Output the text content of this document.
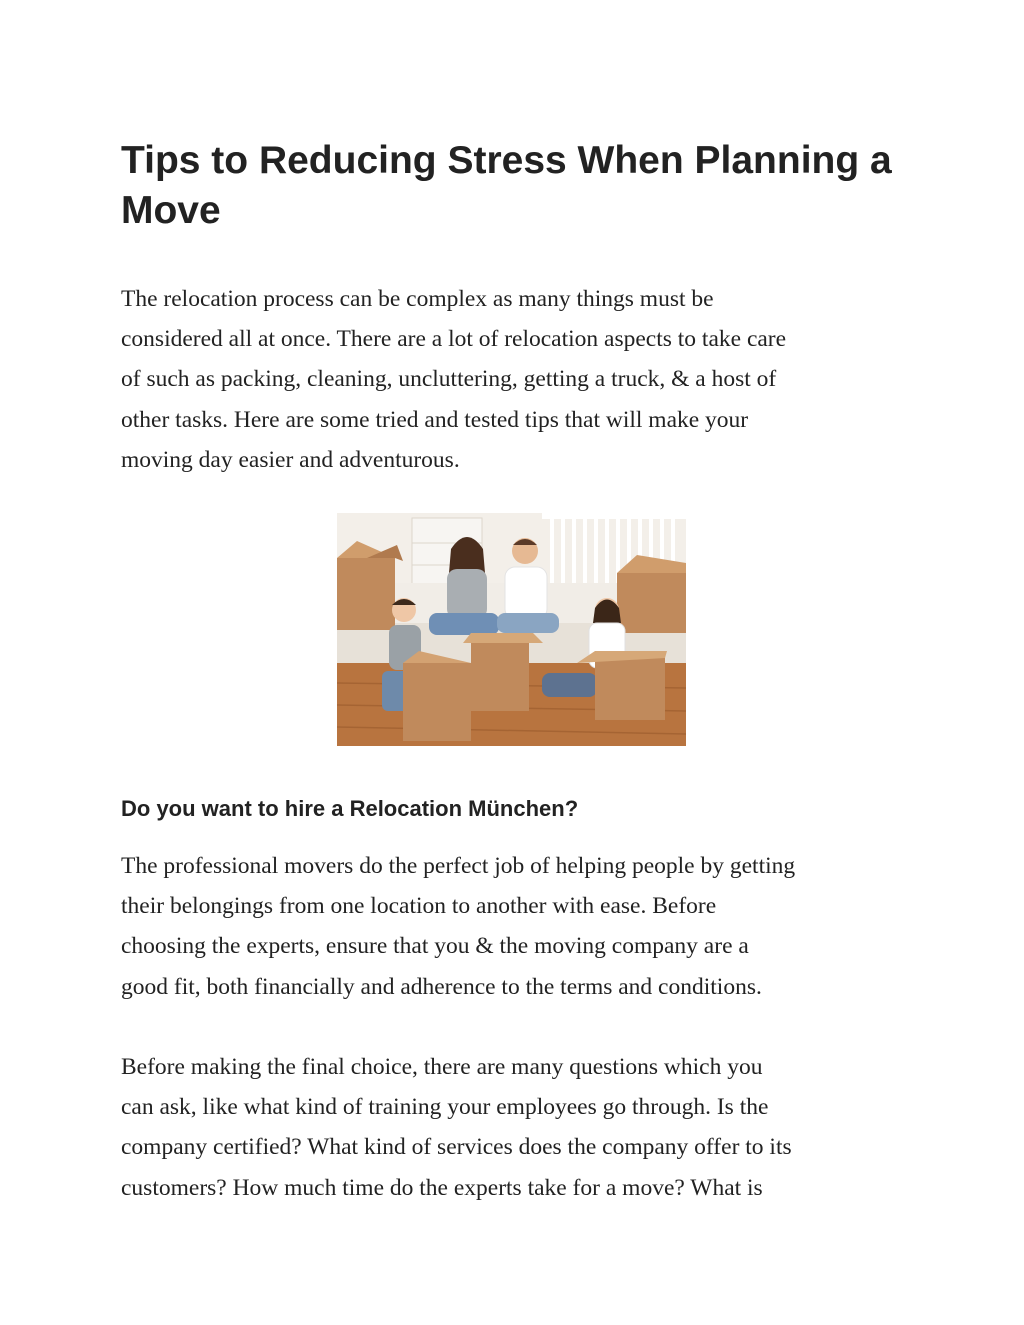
Tips to Reducing Stress When Planning a
Move

The relocation process can be complex as many things must be
considered all at once. There are a lot of relocation aspects to take care
of such as packing, cleaning, uncluttering, getting a truck, & a host of
other tasks. Here are some tried and tested tips that will make your
moving day easier and adventurous.

Do you want to hire a Relocation München?

The professional movers do the perfect job of helping people by getting
their belongings from one location to another with ease. Before
choosing the experts, ensure that you & the moving company are a
good fit, both financially and adherence to the terms and conditions.

Before making the final choice, there are many questions which you
can ask, like what kind of training your employees go through. Is the
company certified? What kind of services does the company offer to its
customers? How much time do the experts take for a move? What is
